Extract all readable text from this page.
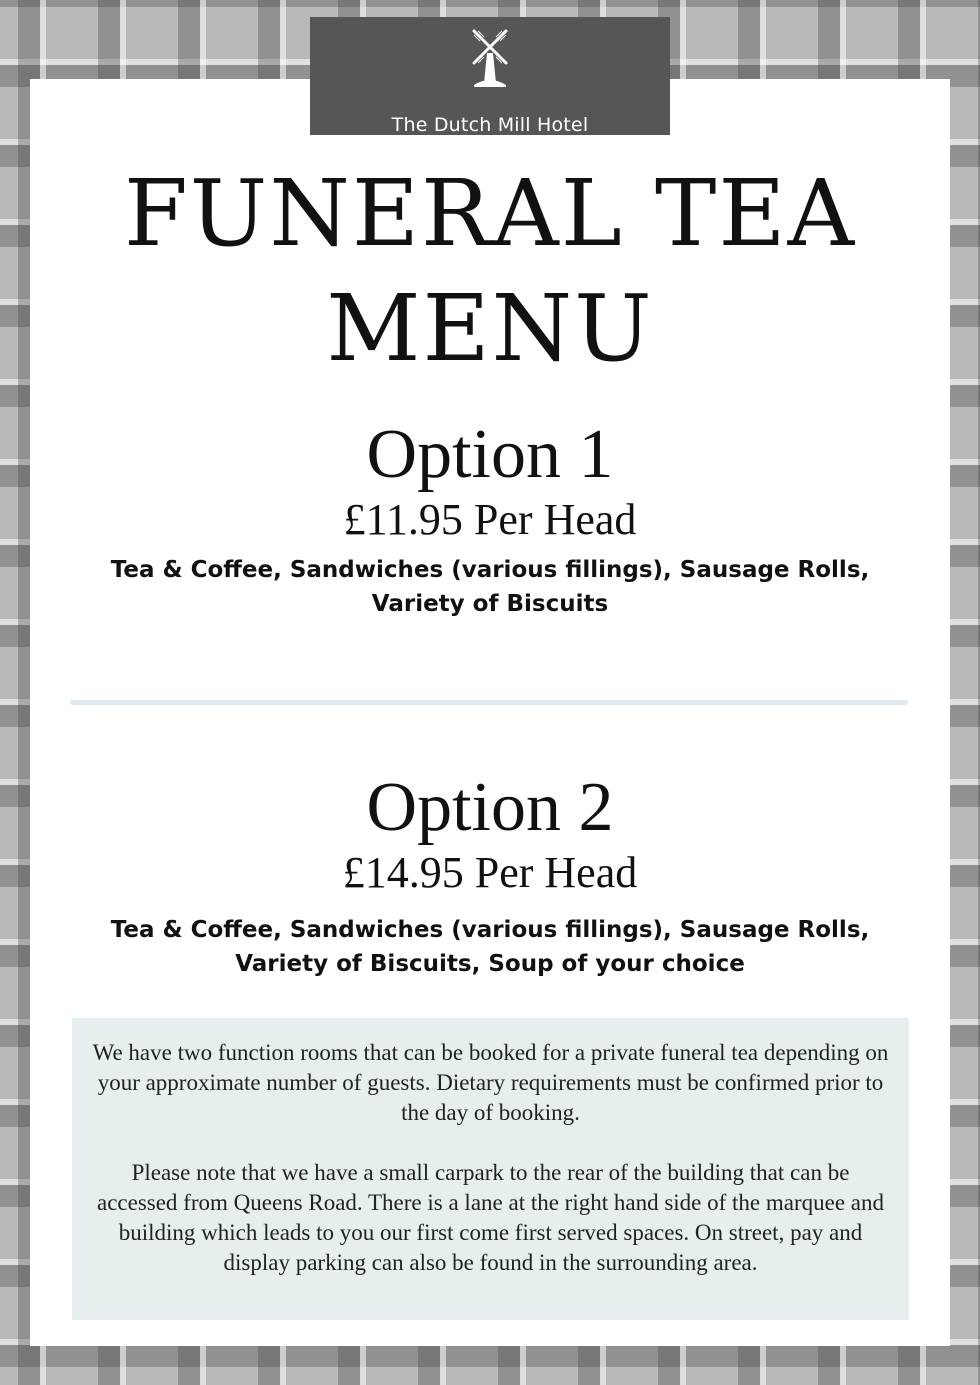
The Dutch Mill Hotel
FUNERAL TEA
MENU
Option 1
£11.95 Per Head
Tea & Coffee, Sandwiches (various fillings), Sausage Rolls,
Variety of Biscuits
Option 2
£14.95 Per Head
Tea & Coffee, Sandwiches (various fillings), Sausage Rolls,
Variety of Biscuits, Soup of your choice

We have two function rooms that can be booked for a private funeral tea depending on your approximate number of guests. Dietary requirements must be confirmed prior to the day of booking.

Please note that we have a small carpark to the rear of the building that can be accessed from Queens Road. There is a lane at the right hand side of the marquee and building which leads to you our first come first served spaces. On street, pay and display parking can also be found in the surrounding area.
